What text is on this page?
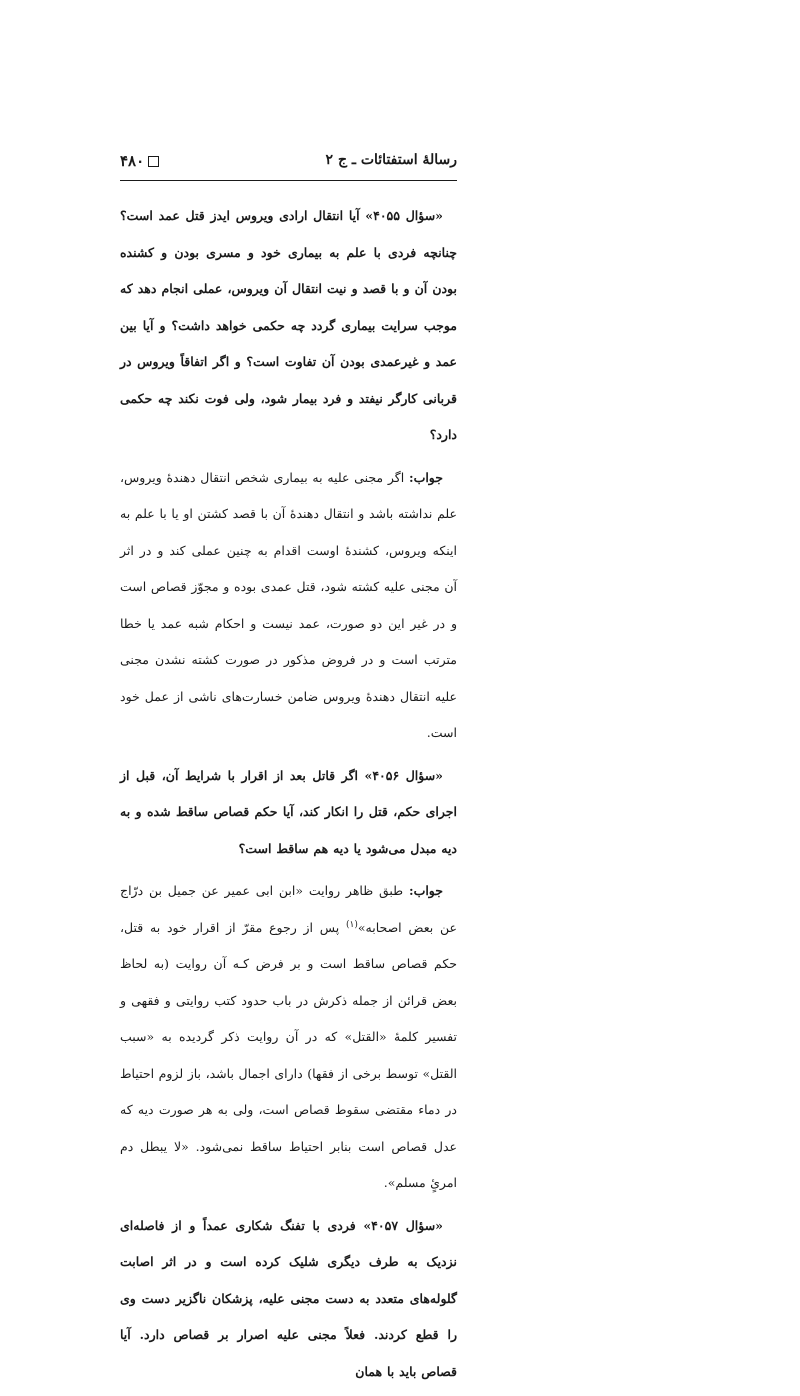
رسالهٔ استفتائات ـ ج ۲
۴۸۰

«سؤال ۴۰۵۵» آیا انتقال ارادی ویروس ایدز قتل عمد است؟چنانچه فردی با علم به بیماری خود و مسری بودن و کشنده بودن آن و با قصد و نیت انتقال آن ویروس، عملی انجام دهد که موجب سرایت بیماری گردد چه حکمی خواهد داشت؟ و آیا بین عمد و غیرعمدی بودن آن تفاوت است؟ و اگر اتفاقاً ویروس در قربانی کارگر نیفتد و فرد بیمار شود، ولی فوت نکند چه حکمی دارد؟

جواب: اگر مجنی علیه به بیماری شخص انتقال دهندهٔ ویروس، علم نداشته باشد و انتقال دهندهٔ آن با قصد کشتن او یا با علم به اینکه ویروس، کشندهٔ اوست اقدام به چنین عملی کند و در اثر آن مجنی علیه کشته شود، قتل عمدی بوده و مجوّز قصاص است و در غیر این دو صورت، عمد نیست و احکام شبه عمد یا خطا مترتب است و در فروض مذکور در صورت کشته نشدن مجنی علیه انتقال دهندهٔ ویروس ضامن خسارت‌های ناشی از عمل خود است.

«سؤال ۴۰۵۶» اگر قاتل بعد از اقرار با شرایط آن، قبل از اجرای حکم، قتل را انکار کند، آیا حکم قصاص ساقط شده و به دیه مبدل می‌شود یا دیه هم ساقط است؟

جواب: طبق ظاهر روایت «ابن ابی عمیر عن جمیل بن درّاج عن بعض اصحابه»$^{(۱)}$ پس از رجوع مقرّ از اقرار خود به قتل، حکم قصاص ساقط است و بر فرض کـه آن روایت (به لحاظ بعض قرائن از جمله ذکرش در باب حدود کتب روایتی و فقهی و تفسیر کلمهٔ «القتل» که در آن روایت ذکر گردیده به «سبب القتل» توسط برخی از فقها) دارای اجمال باشد، باز لزوم احتیاط در دماء مقتضی سقوط قصاص است، ولی به هر صورت دیه که عدل قصاص است بنابر احتیاط ساقط نمی‌شود. «لا یبطل دم امرئٍ مسلم».

«سؤال ۴۰۵۷» فردی با تفنگ شکاری عمداً و از فاصله‌ای نزدیک به طرف دیگری شلیک کرده است و در اثر اصابت گلوله‌های متعدد به دست مجنی علیه، پزشکان ناگزیر دست وی را قطع کردند. فعلاً مجنی علیه اصرار بر قصاص دارد. آیا قصاص باید با همان
